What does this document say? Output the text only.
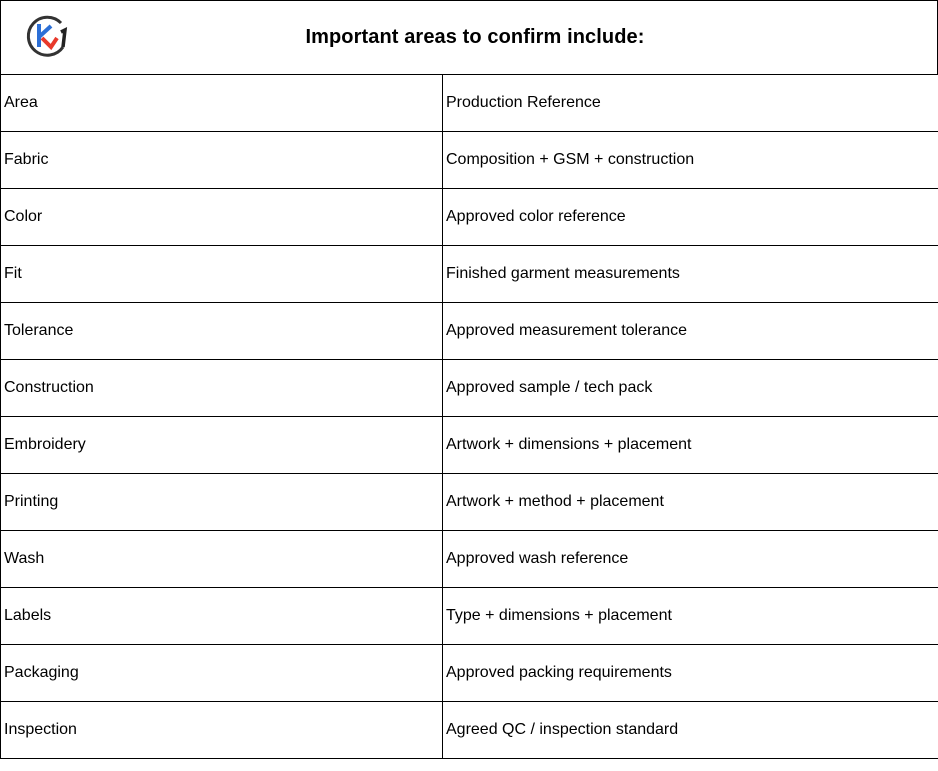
Important areas to confirm include:
Area	Production Reference
Fabric	Composition + GSM + construction
Color	Approved color reference
Fit	Finished garment measurements
Tolerance	Approved measurement tolerance
Construction	Approved sample / tech pack
Embroidery	Artwork + dimensions + placement
Printing	Artwork + method + placement
Wash	Approved wash reference
Labels	Type + dimensions + placement
Packaging	Approved packing requirements
Inspection	Agreed QC / inspection standard
